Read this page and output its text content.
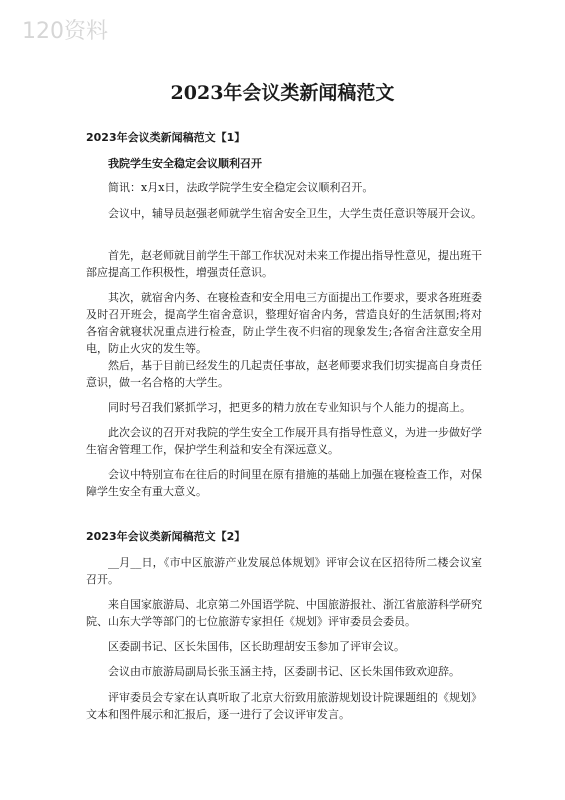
120资料
2023年会议类新闻稿范文
2023年会议类新闻稿范文【1】
我院学生安全稳定会议顺利召开

简讯：x月x日，法政学院学生安全稳定会议顺利召开。

会议中，辅导员赵强老师就学生宿舍安全卫生，大学生责任意识等展开会议。

首先，赵老师就目前学生干部工作状况对未来工作提出指导性意见，提出班干部应提高工作积极性，增强责任意识。

其次，就宿舍内务、在寝检查和安全用电三方面提出工作要求，要求各班班委及时召开班会，提高学生宿舍意识，整理好宿舍内务，营造良好的生活氛围;将对各宿舍就寝状况重点进行检查，防止学生夜不归宿的现象发生;各宿舍注意安全用电，防止火灾的发生等。

然后，基于目前已经发生的几起责任事故，赵老师要求我们切实提高自身责任意识，做一名合格的大学生。

同时号召我们紧抓学习，把更多的精力放在专业知识与个人能力的提高上。

此次会议的召开对我院的学生安全工作展开具有指导性意义，为进一步做好学生宿舍管理工作，保护学生利益和安全有深远意义。

会议中特别宣布在往后的时间里在原有措施的基础上加强在寝检查工作，对保障学生安全有重大意义。

2023年会议类新闻稿范文【2】

__月__日，《市中区旅游产业发展总体规划》评审会议在区招待所二楼会议室召开。

来自国家旅游局、北京第二外国语学院、中国旅游报社、浙江省旅游科学研究院、山东大学等部门的七位旅游专家担任《规划》评审委员会委员。

区委副书记、区长朱国伟，区长助理胡安玉参加了评审会议。

会议由市旅游局副局长张玉涵主持，区委副书记、区长朱国伟致欢迎辞。

评审委员会专家在认真听取了北京大衍致用旅游规划设计院课题组的《规划》文本和图件展示和汇报后，逐一进行了会议评审发言。
